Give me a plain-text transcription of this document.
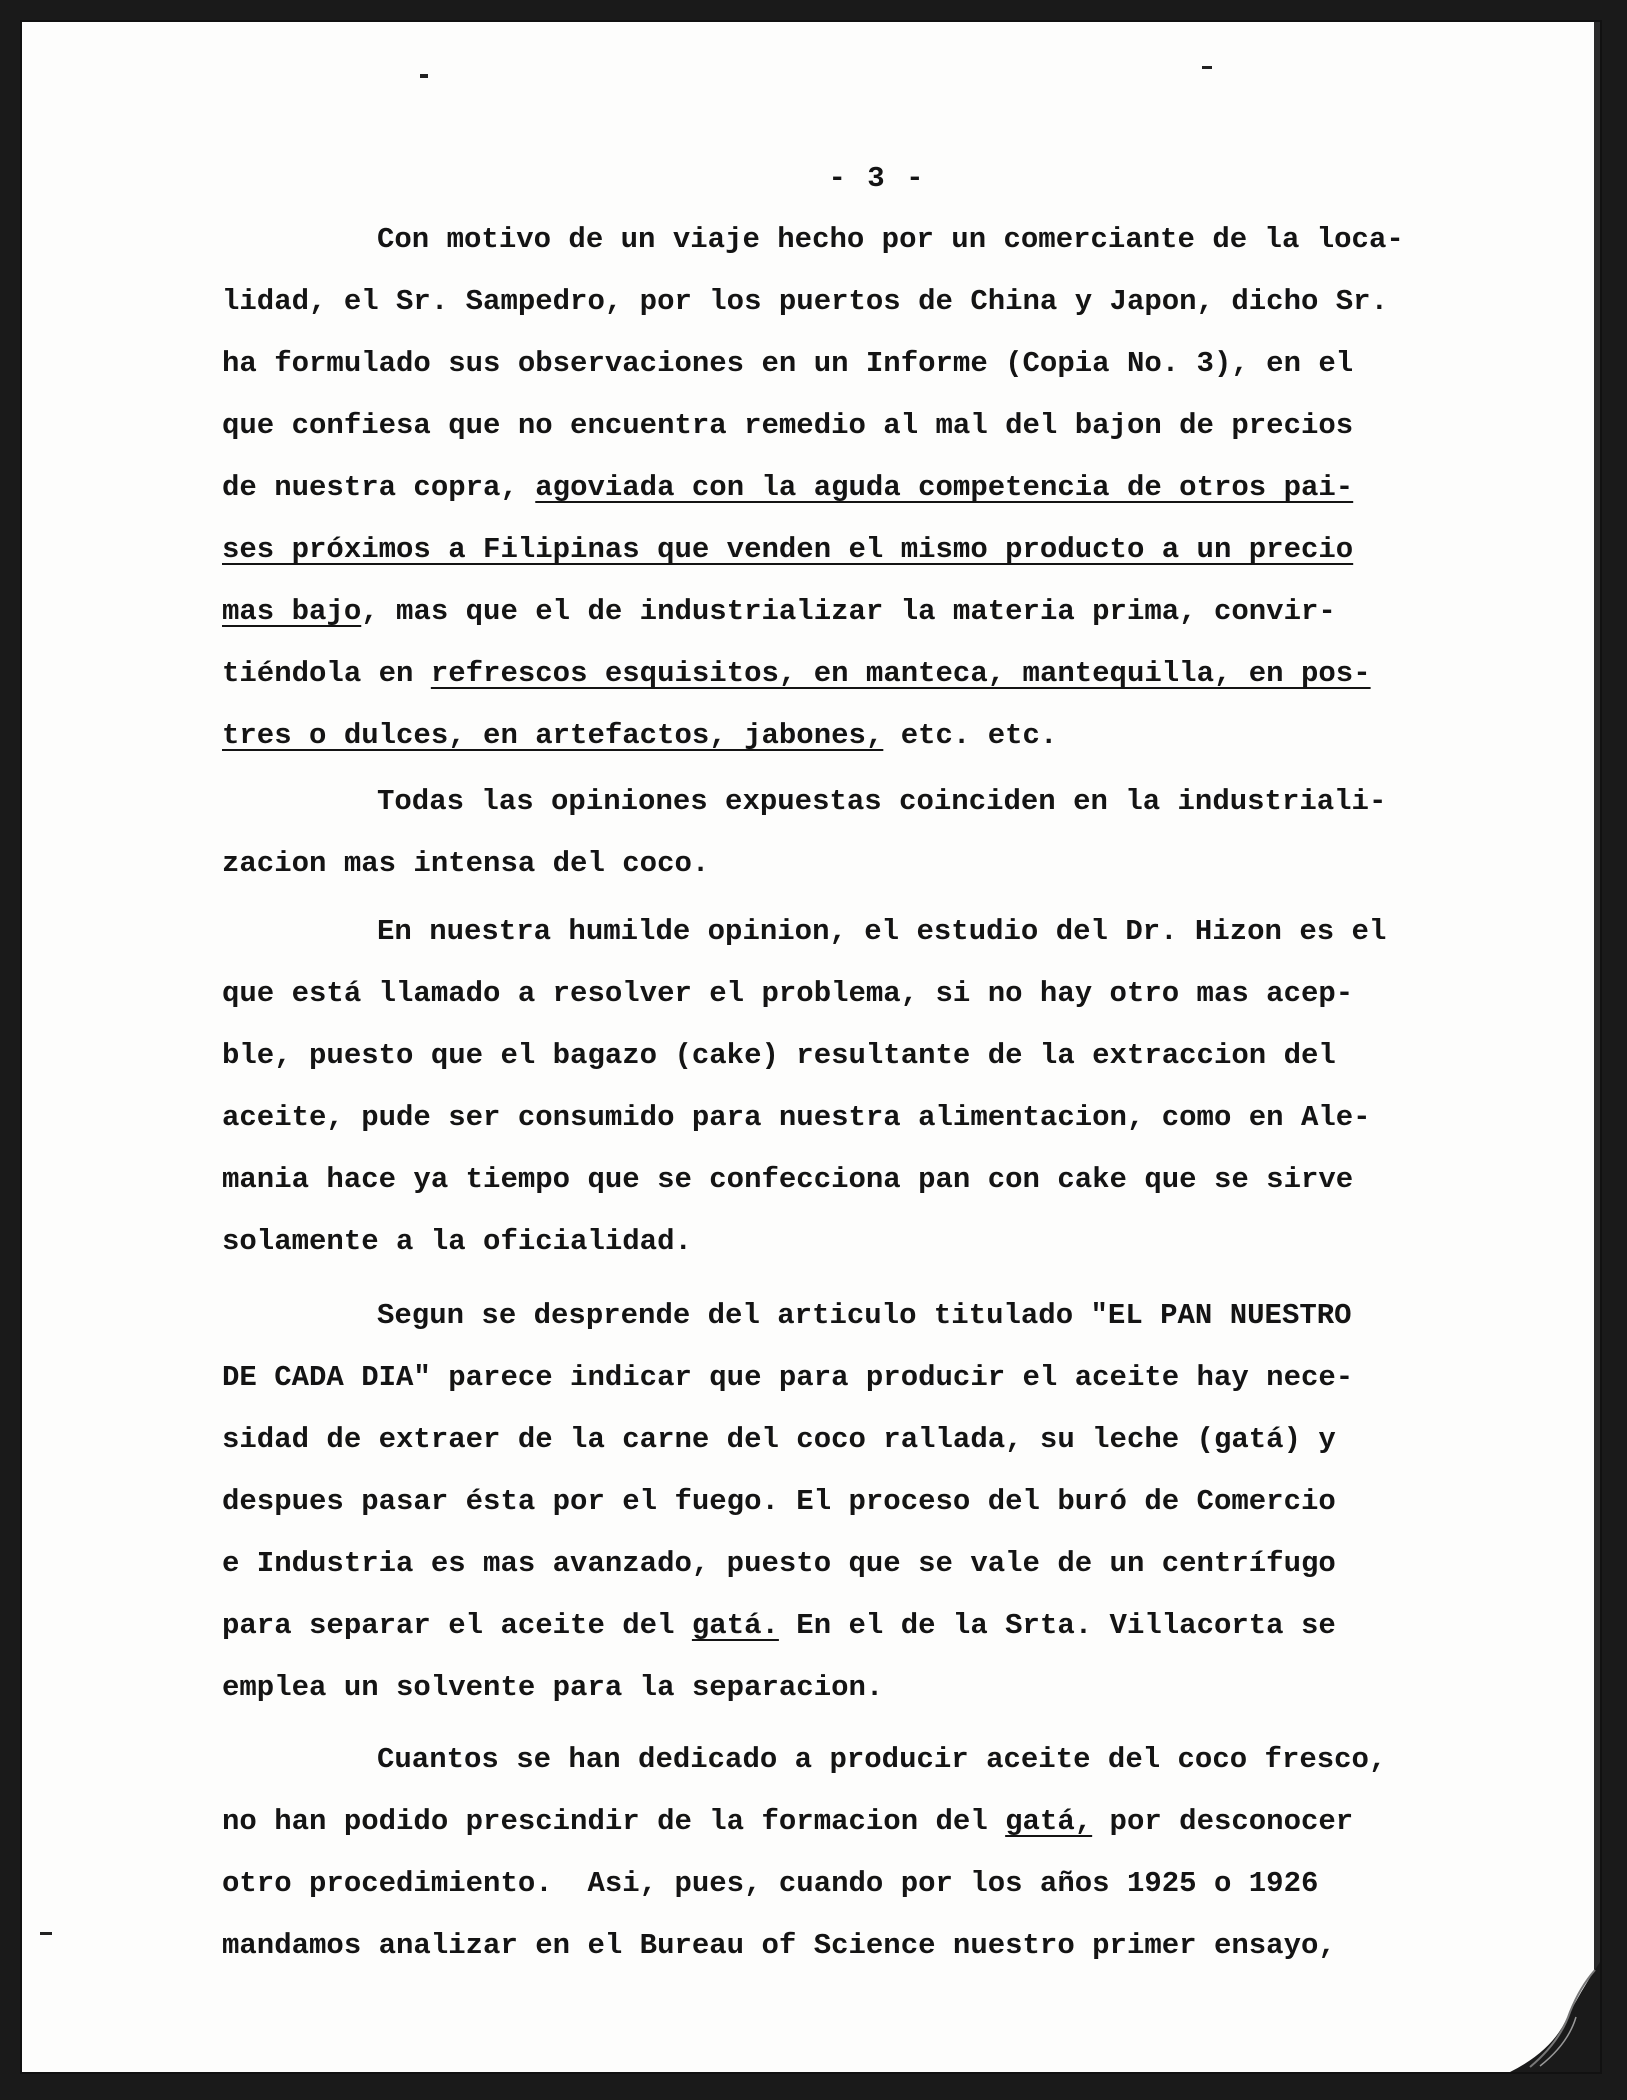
- 3 -
Con motivo de un viaje hecho por un comerciante de la loca-
lidad, el Sr. Sampedro, por los puertos de China y Japon, dicho Sr.
ha formulado sus observaciones en un Informe (Copia No. 3), en el
que confiesa que no encuentra remedio al mal del bajon de precios
de nuestra copra, agoviada con la aguda competencia de otros pai-
ses próximos a Filipinas que venden el mismo producto a un precio
mas bajo, mas que el de industrializar la materia prima, convir-
tiéndola en refrescos esquisitos, en manteca, mantequilla, en pos-
tres o dulces, en artefactos, jabones, etc. etc.
Todas las opiniones expuestas coinciden en la industriali-
zacion mas intensa del coco.
En nuestra humilde opinion, el estudio del Dr. Hizon es el
que está llamado a resolver el problema, si no hay otro mas acep-
ble, puesto que el bagazo (cake) resultante de la extraccion del
aceite, pude ser consumido para nuestra alimentacion, como en Ale-
mania hace ya tiempo que se confecciona pan con cake que se sirve
solamente a la oficialidad.
Segun se desprende del articulo titulado "EL PAN NUESTRO
DE CADA DIA" parece indicar que para producir el aceite hay nece-
sidad de extraer de la carne del coco rallada, su leche (gatá) y
despues pasar ésta por el fuego. El proceso del buró de Comercio
e Industria es mas avanzado, puesto que se vale de un centrífugo
para separar el aceite del gatá. En el de la Srta. Villacorta se
emplea un solvente para la separacion.
Cuantos se han dedicado a producir aceite del coco fresco,
no han podido prescindir de la formacion del gatá, por desconocer
otro procedimiento.  Asi, pues, cuando por los años 1925 o 1926
mandamos analizar en el Bureau of Science nuestro primer ensayo,
